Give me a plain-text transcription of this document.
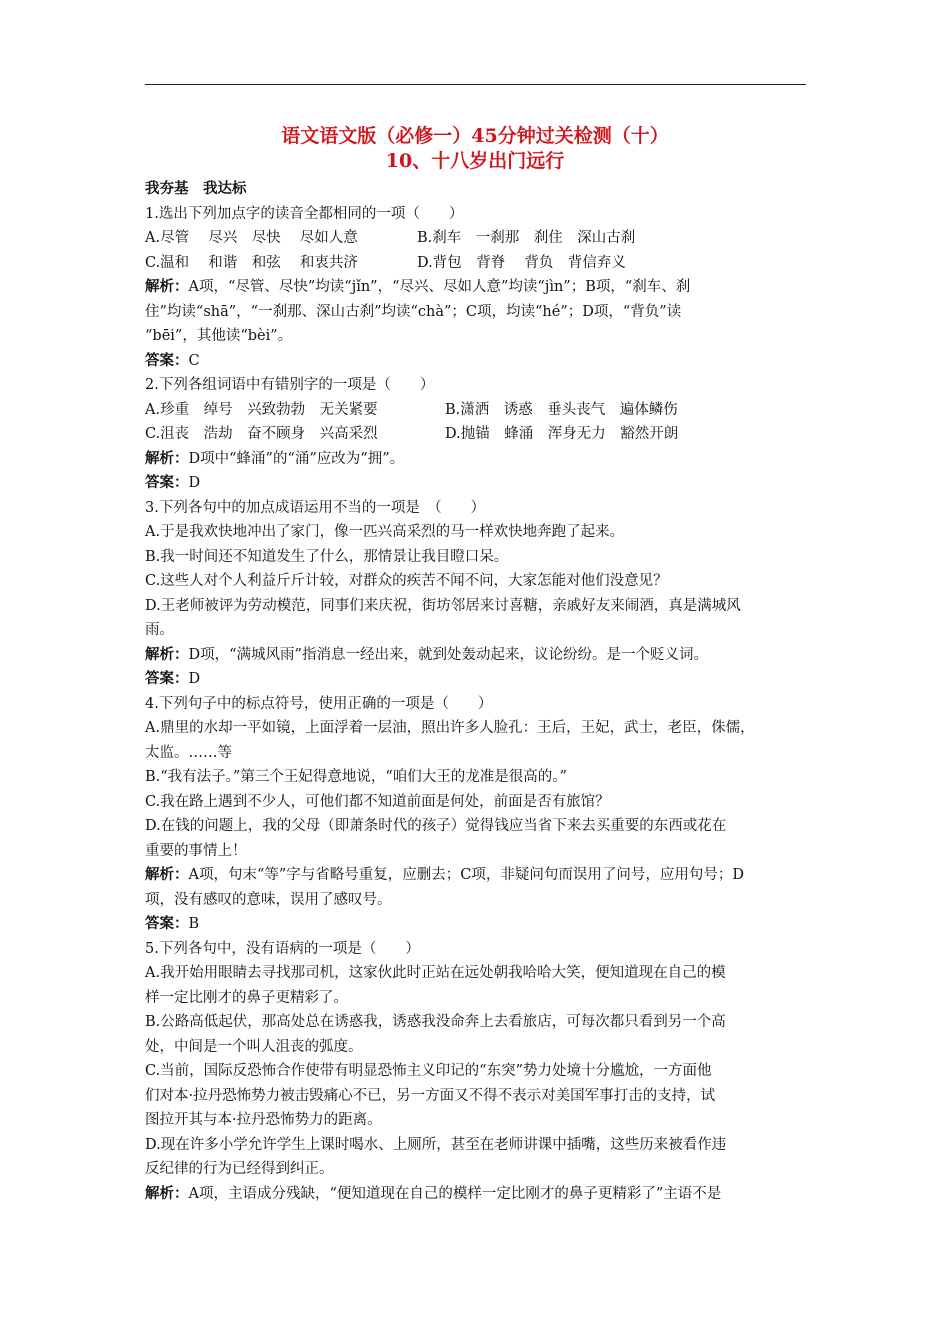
语文语文版（必修一）45分钟过关检测（十）
10、十八岁出门远行

我夯基　我达标

1.选出下列加点字的读音全都相同的一项（　　）

A.尽管　 尽兴　尽快　 尽如人意	B.刹车　一刹那　刹住　深山古刹

C.温和　 和谐　和弦　 和衷共济	D.背包　背脊　 背负　背信弃义

解析：A项，“尽管、尽快”均读“jǐn”，“尽兴、尽如人意”均读“jìn”；B项，“刹车、刹

住”均读“shā”，“一刹那、深山古刹”均读“chà”；C项，均读“hé”；D项，“背负”读

“bēi”，其他读“bèi”。

答案：C

2.下列各组词语中有错别字的一项是（　　）

A.珍重　绰号　兴致勃勃　无关紧要	B.潇洒　诱惑　垂头丧气　遍体鳞伤

C.沮丧　浩劫　奋不顾身　兴高采烈	D.抛锚　蜂涌　浑身无力　豁然开朗

解析：D项中“蜂涌”的“涌”应改为“拥”。

答案：D

3.下列各句中的加点成语运用不当的一项是　（　　）

A.于是我欢快地冲出了家门，像一匹兴高采烈的马一样欢快地奔跑了起来。

B.我一时间还不知道发生了什么，那情景让我目瞪口呆。

C.这些人对个人利益斤斤计较，对群众的疾苦不闻不问，大家怎能对他们没意见？

D.王老师被评为劳动模范，同事们来庆祝，街坊邻居来讨喜糖，亲戚好友来闹酒，真是满城风

雨。

解析：D项，“满城风雨”指消息一经出来，就到处轰动起来，议论纷纷。是一个贬义词。

答案：D

4.下列句子中的标点符号，使用正确的一项是（　　）

A.鼎里的水却一平如镜，上面浮着一层油，照出许多人脸孔：王后，王妃，武士，老臣，侏儒，

太监。……等

B.“我有法子。”第三个王妃得意地说，“咱们大王的龙准是很高的。”

C.我在路上遇到不少人，可他们都不知道前面是何处，前面是否有旅馆？

D.在钱的问题上，我的父母（即萧条时代的孩子）觉得钱应当省下来去买重要的东西或花在

重要的事情上！

解析：A项，句末“等”字与省略号重复，应删去；C项，非疑问句而误用了问号，应用句号；D

项，没有感叹的意味，误用了感叹号。

答案：B

5.下列各句中，没有语病的一项是（　　）

A.我开始用眼睛去寻找那司机，这家伙此时正站在远处朝我哈哈大笑，便知道现在自己的模

样一定比刚才的鼻子更精彩了。

B.公路高低起伏，那高处总在诱惑我，诱惑我没命奔上去看旅店，可每次都只看到另一个高

处，中间是一个叫人沮丧的弧度。

C.当前，国际反恐怖合作使带有明显恐怖主义印记的“东突”势力处境十分尴尬，一方面他

们对本·拉丹恐怖势力被击毁痛心不已，另一方面又不得不表示对美国军事打击的支持，试

图拉开其与本·拉丹恐怖势力的距离。

D.现在许多小学允许学生上课时喝水、上厕所，甚至在老师讲课中插嘴，这些历来被看作违

反纪律的行为已经得到纠正。

解析：A项，主语成分残缺，“便知道现在自己的模样一定比刚才的鼻子更精彩了”主语不是
